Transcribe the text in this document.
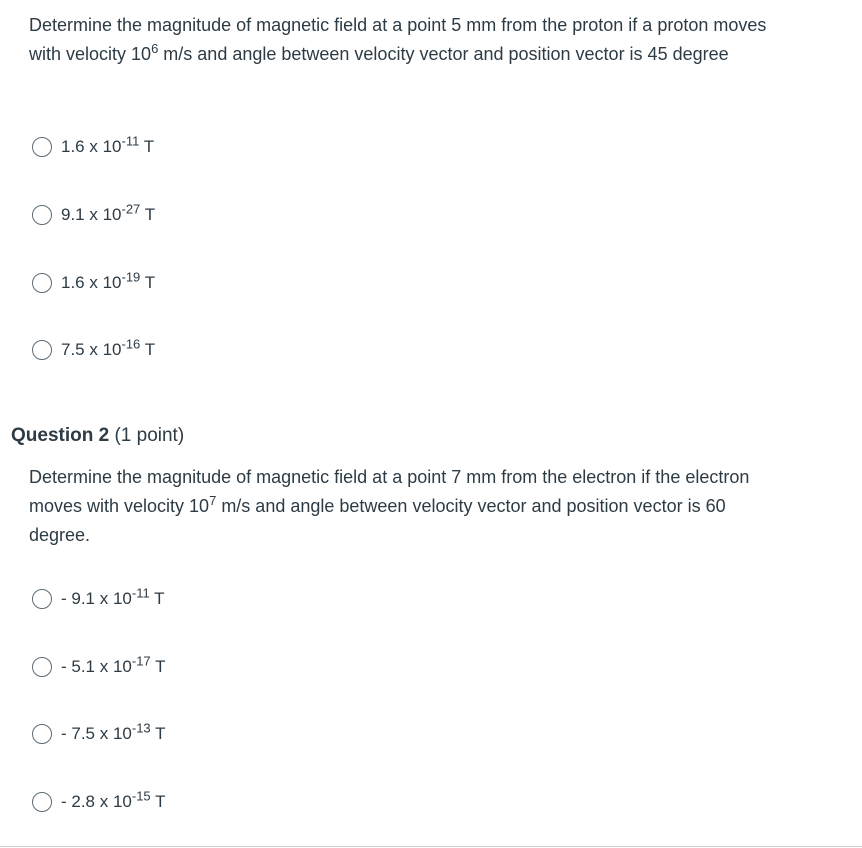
Determine the magnitude of magnetic field at a point 5 mm from the proton if a proton moves with velocity $10^6$ m/s and angle between velocity vector and position vector is 45 degree
1.6 x $10^{-11}$ T
9.1 x $10^{-27}$ T
1.6 x $10^{-19}$ T
7.5 x $10^{-16}$ T
Question 2 (1 point)
Determine the magnitude of magnetic field at a point 7 mm from the electron if the electron moves with velocity $10^7$ m/s and angle between velocity vector and position vector is 60 degree.
- 9.1 x $10^{-11}$ T
- 5.1 x $10^{-17}$ T
- 7.5 x $10^{-13}$ T
- 2.8 x $10^{-15}$ T
